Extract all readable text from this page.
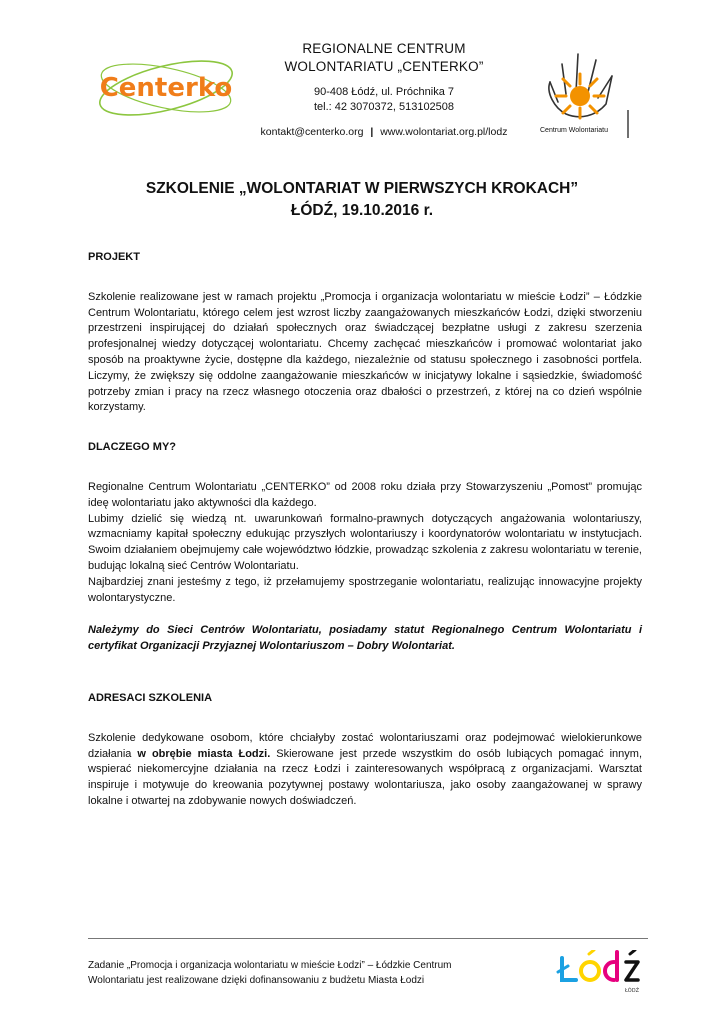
Centerko
REGIONALNE CENTRUM
WOLONTARIATU „CENTERKO”
90-408 Łódź, ul. Próchnika 7
tel.: 42 3070372, 513102508
kontakt@centerko.org | www.wolontariat.org.pl/lodz	Centrum Wolontariatu
SZKOLENIE „WOLONTARIAT W PIERWSZYCH KROKACH”
ŁÓDŹ, 19.10.2016 r.
PROJEKT

Szkolenie realizowane jest w ramach projektu „Promocja i organizacja wolontariatu w mieście Łodzi” – Łódzkie Centrum Wolontariatu, którego celem jest wzrost liczby zaangażowanych mieszkańców Łodzi, dzięki stworzeniu przestrzeni inspirującej do działań społecznych oraz świadczącej bezpłatne usługi z zakresu szerzenia profesjonalnej wiedzy dotyczącej wolontariatu. Chcemy zachęcać mieszkańców i promować wolontariat jako sposób na proaktywne życie, dostępne dla każdego, niezależnie od statusu społecznego i zasobności portfela. Liczymy, że zwiększy się oddolne zaangażowanie mieszkańców w inicjatywy lokalne i sąsiedzkie, świadomość potrzeby zmian i pracy na rzecz własnego otoczenia oraz dbałości o przestrzeń, z której na co dzień wspólnie korzystamy.

DLACZEGO MY?

Regionalne Centrum Wolontariatu „CENTERKO” od 2008 roku działa przy Stowarzyszeniu „Pomost” promując ideę wolontariatu jako aktywności dla każdego.

Lubimy dzielić się wiedzą nt. uwarunkowań formalno-prawnych dotyczących angażowania wolontariuszy, wzmacniamy kapitał społeczny edukując przyszłych wolontariuszy i koordynatorów wolontariatu w instytucjach. Swoim działaniem obejmujemy całe województwo łódzkie, prowadząc szkolenia z zakresu wolontariatu w terenie, budując lokalną sieć Centrów Wolontariatu.

Najbardziej znani jesteśmy z tego, iż przełamujemy spostrzeganie wolontariatu, realizując innowacyjne projekty wolontarystyczne.

Należymy do Sieci Centrów Wolontariatu, posiadamy statut Regionalnego Centrum Wolontariatu i certyfikat Organizacji Przyjaznej Wolontariuszom – Dobry Wolontariat.

ADRESACI SZKOLENIA

Szkolenie dedykowane osobom, które chciałyby zostać wolontariuszami oraz podejmować wielokierunkowe działania w obrębie miasta Łodzi. Skierowane jest przede wszystkim do osób lubiących pomagać innym, wspierać niekomercyjne działania na rzecz Łodzi i zainteresowanych współpracą z organizacjami. Warsztat inspiruje i motywuje do kreowania pozytywnej postawy wolontariusza, jako osoby zaangażowanej w sprawy lokalne i otwartej na zdobywanie nowych doświadczeń.

Zadanie „Promocja i organizacja wolontariatu w mieście Łodzi” – Łódzkie Centrum
Wolontariatu jest realizowane dzięki dofinansowaniu z budżetu Miasta Łodzi
ŁÓDŹ
